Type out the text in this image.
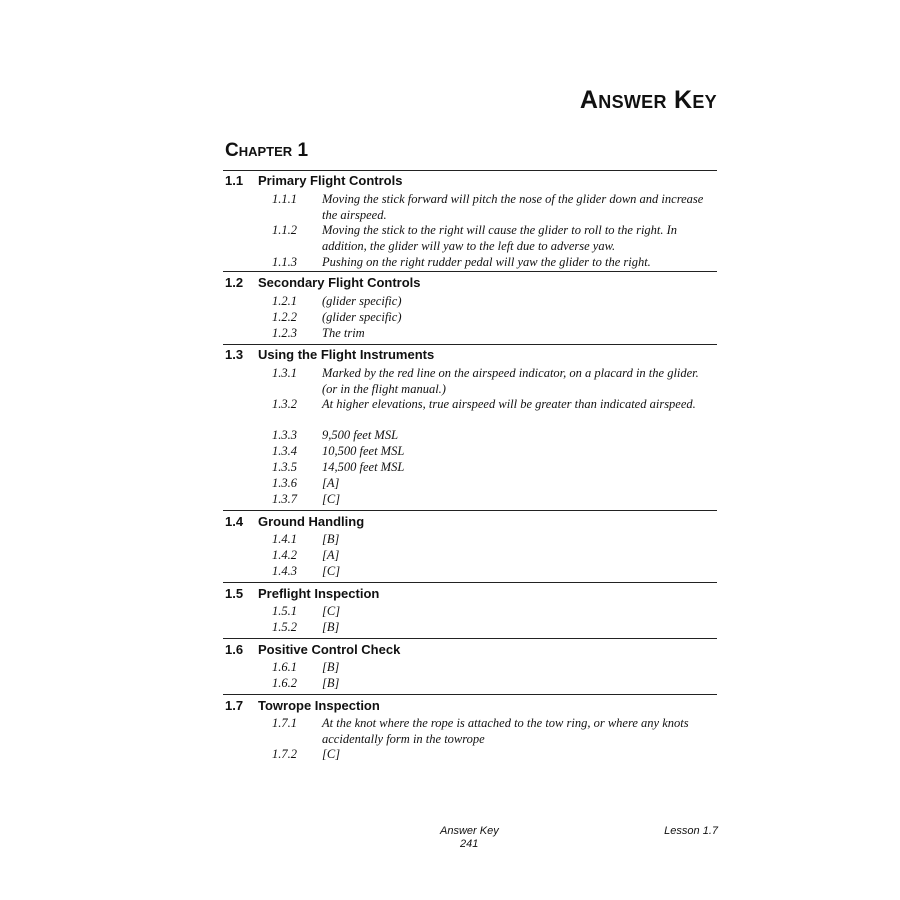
Answer Key
Chapter 1
1.1 Primary Flight Controls
1.1.1	Moving the stick forward will pitch the nose of the glider down and increase the airspeed.
1.1.2	Moving the stick to the right will cause the glider to roll to the right. In addition, the glider will yaw to the left due to adverse yaw.
1.1.3	Pushing on the right rudder pedal will yaw the glider to the right.
1.2 Secondary Flight Controls
1.2.1	(glider specific)
1.2.2	(glider specific)
1.2.3	The trim
1.3 Using the Flight Instruments
1.3.1	Marked by the red line on the airspeed indicator, on a placard in the glider. (or in the flight manual.)
1.3.2	At higher elevations, true airspeed will be greater than indicated airspeed.
1.3.3	9,500 feet MSL
1.3.4	10,500 feet MSL
1.3.5	14,500 feet MSL
1.3.6	[A]
1.3.7	[C]
1.4 Ground Handling
1.4.1	[B]
1.4.2	[A]
1.4.3	[C]
1.5 Preflight Inspection
1.5.1	[C]
1.5.2	[B]
1.6 Positive Control Check
1.6.1	[B]
1.6.2	[B]
1.7 Towrope Inspection
1.7.1	At the knot where the rope is attached to the tow ring, or where any knots accidentally form in the towrope
1.7.2	[C]
Answer Key
241
Lesson 1.7
